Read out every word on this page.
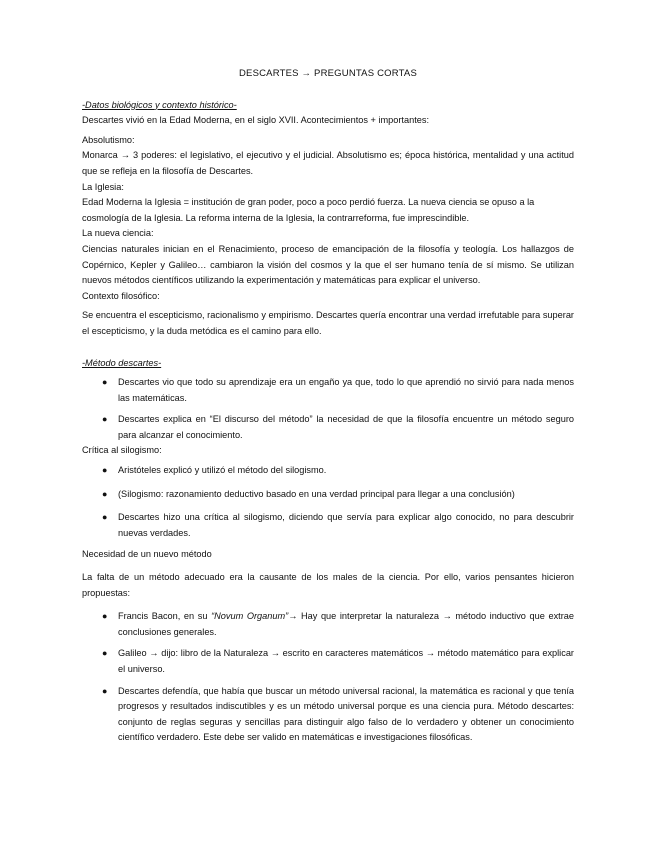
DESCARTES → PREGUNTAS CORTAS
-Datos biológicos y contexto histórico-

Descartes vivió en la Edad Moderna, en el siglo XVII. Acontecimientos + importantes:

Absolutismo:

Monarca → 3 poderes: el legislativo, el ejecutivo y el judicial. Absolutismo es; época histórica, mentalidad y una actitud que se refleja en la filosofía de Descartes.

La Iglesia:

Edad Moderna la Iglesia = institución de gran poder, poco a poco perdió fuerza. La nueva ciencia se opuso a la cosmología de la Iglesia. La reforma interna de la Iglesia, la contrarreforma, fue imprescindible.

La nueva ciencia:

Ciencias naturales inician en el Renacimiento, proceso de emancipación de la filosofía y teología. Los hallazgos de Copérnico, Kepler y Galileo… cambiaron la visión del cosmos y la que el ser humano tenía de sí mismo. Se utilizan nuevos métodos científicos utilizando la experimentación y matemáticas para explicar el universo.

Contexto filosófico:

Se encuentra el escepticismo, racionalismo y empirismo. Descartes quería encontrar una verdad irrefutable para superar el escepticismo, y la duda metódica es el camino para ello.

-Método descartes-
● Descartes vio que todo su aprendizaje era un engaño ya que, todo lo que aprendió no sirvió para nada menos las matemáticas.
● Descartes explica en “El discurso del método” la necesidad de que la filosofía encuentre un método seguro para alcanzar el conocimiento.

Crítica al silogismo:

● Aristóteles explicó y utilizó el método del silogismo.
● (Silogismo: razonamiento deductivo basado en una verdad principal para llegar a una conclusión)
● Descartes hizo una crítica al silogismo, diciendo que servía para explicar algo conocido, no para descubrir nuevas verdades.

Necesidad de un nuevo método

La falta de un método adecuado era la causante de los males de la ciencia. Por ello, varios pensantes hicieron propuestas:

● Francis Bacon, en su “Novum Organum”→ Hay que interpretar la naturaleza → método inductivo que extrae conclusiones generales.
● Galileo → dijo: libro de la Naturaleza → escrito en caracteres matemáticos → método matemático para explicar el universo.
● Descartes defendía, que había que buscar un método universal racional, la matemática es racional y que tenía progresos y resultados indiscutibles y es un método universal porque es una ciencia pura. Método descartes: conjunto de reglas seguras y sencillas para distinguir algo falso de lo verdadero y obtener un conocimiento científico verdadero. Este debe ser valido en matemáticas e investigaciones filosóficas.
